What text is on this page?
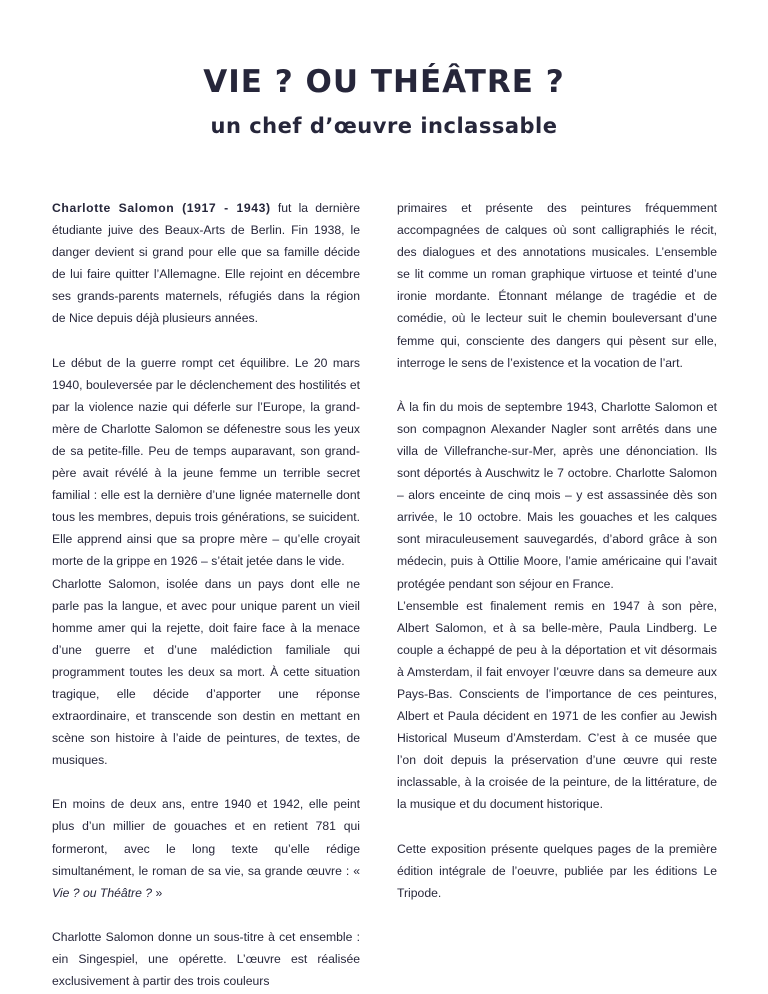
VIE ? OU THÉÂTRE ?
un chef d’œuvre inclassable

Charlotte Salomon (1917 - 1943) fut la dernière étudiante juive des Beaux-Arts de Berlin. Fin 1938, le danger devient si grand pour elle que sa famille décide de lui faire quitter l’Allemagne. Elle rejoint en décembre ses grands-parents maternels, réfugiés dans la région de Nice depuis déjà plusieurs années.

Le début de la guerre rompt cet équilibre. Le 20 mars 1940, bouleversée par le déclenchement des hostilités et par la violence nazie qui déferle sur l’Europe, la grand-mère de Charlotte Salomon se défenestre sous les yeux de sa petite-fille. Peu de temps auparavant, son grand-père avait révélé à la jeune femme un terrible secret familial : elle est la dernière d’une lignée maternelle dont tous les membres, depuis trois générations, se suicident. Elle apprend ainsi que sa propre mère – qu’elle croyait morte de la grippe en 1926 – s’était jetée dans le vide.

Charlotte Salomon, isolée dans un pays dont elle ne parle pas la langue, et avec pour unique parent un vieil homme amer qui la rejette, doit faire face à la menace d’une guerre et d’une malédiction familiale qui programment toutes les deux sa mort. À cette situation tragique, elle décide d’apporter une réponse extraordinaire, et transcende son destin en mettant en scène son histoire à l’aide de peintures, de textes, de musiques.

En moins de deux ans, entre 1940 et 1942, elle peint plus d’un millier de gouaches et en retient 781 qui formeront, avec le long texte qu’elle rédige simultanément, le roman de sa vie, sa grande œuvre : « Vie ? ou Théâtre ? »

Charlotte Salomon donne un sous-titre à cet ensemble : ein Singespiel, une opérette. L’œuvre est réalisée exclusivement à partir des trois couleurs

primaires et présente des peintures fréquemment accompagnées de calques où sont calligraphiés le récit, des dialogues et des annotations musicales. L’ensemble se lit comme un roman graphique virtuose et teinté d’une ironie mordante. Étonnant mélange de tragédie et de comédie, où le lecteur suit le chemin bouleversant d’une femme qui, consciente des dangers qui pèsent sur elle, interroge le sens de l’existence et la vocation de l’art.

À la fin du mois de septembre 1943, Charlotte Salomon et son compagnon Alexander Nagler sont arrêtés dans une villa de Villefranche-sur-Mer, après une dénonciation. Ils sont déportés à Auschwitz le 7 octobre. Charlotte Salomon – alors enceinte de cinq mois – y est assassinée dès son arrivée, le 10 octobre. Mais les gouaches et les calques sont miraculeusement sauvegardés, d’abord grâce à son médecin, puis à Ottilie Moore, l’amie américaine qui l’avait protégée pendant son séjour en France.

L’ensemble est finalement remis en 1947 à son père, Albert Salomon, et à sa belle-mère, Paula Lindberg. Le couple a échappé de peu à la déportation et vit désormais à Amsterdam, il fait envoyer l’œuvre dans sa demeure aux Pays-Bas. Conscients de l’importance de ces peintures, Albert et Paula décident en 1971 de les confier au Jewish Historical Museum d’Amsterdam. C’est à ce musée que l’on doit depuis la préservation d’une œuvre qui reste inclassable, à la croisée de la peinture, de la littérature, de la musique et du document historique.

Cette exposition présente quelques pages de la première édition intégrale de l’oeuvre, publiée par les éditions Le Tripode.
